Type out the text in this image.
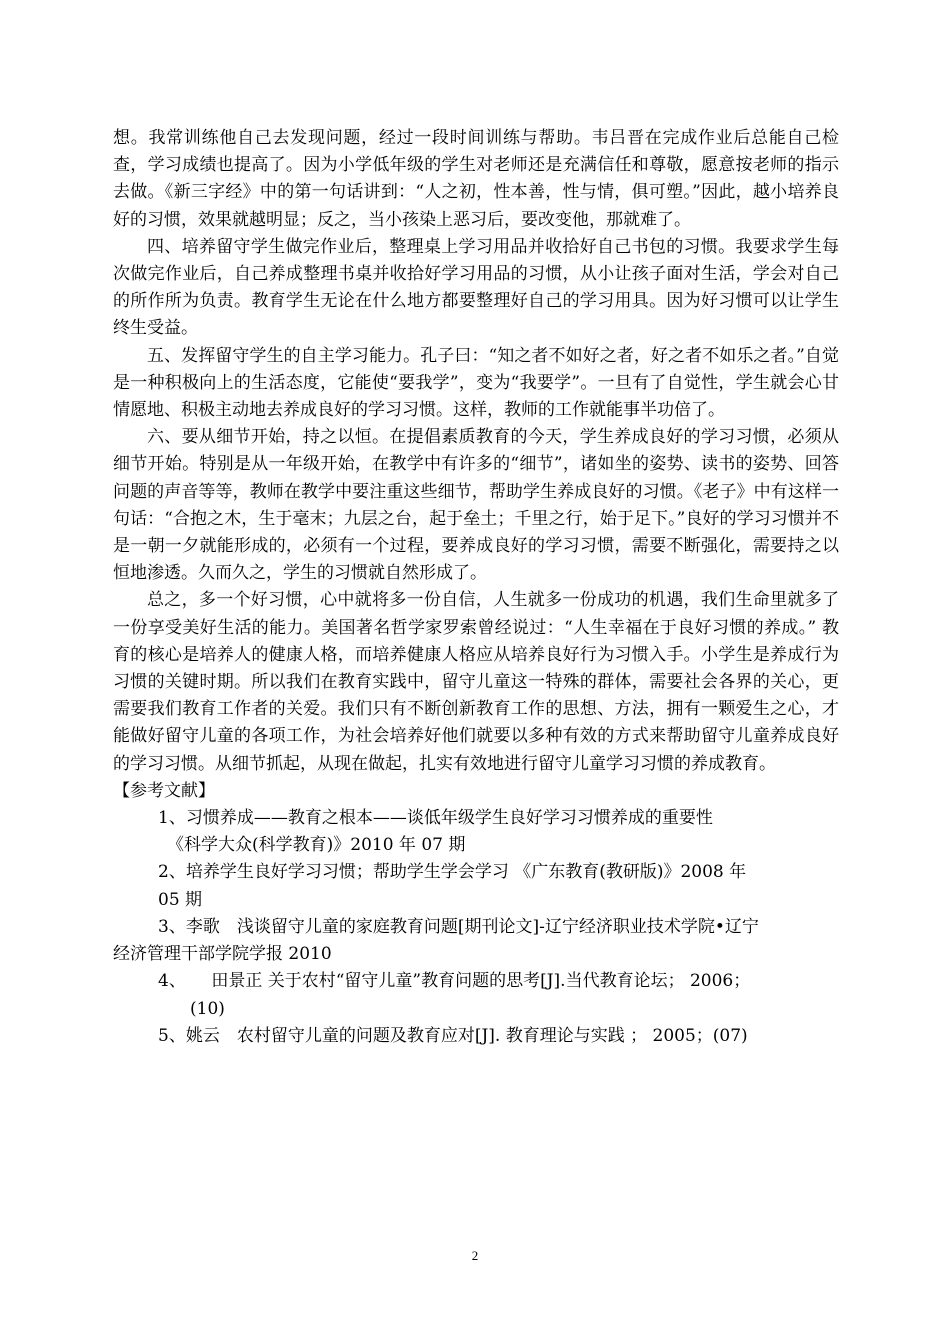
想。我常训练他自己去发现问题，经过一段时间训练与帮助。韦吕晋在完成作业后总能自己检查，学习成绩也提高了。因为小学低年级的学生对老师还是充满信任和尊敬，愿意按老师的指示去做。《新三字经》中的第一句话讲到：“人之初，性本善，性与情，俱可塑。”因此，越小培养良好的习惯，效果就越明显；反之，当小孩染上恶习后，要改变他，那就难了。

四、培养留守学生做完作业后，整理桌上学习用品并收拾好自己书包的习惯。我要求学生每次做完作业后，自己养成整理书桌并收拾好学习用品的习惯，从小让孩子面对生活，学会对自己的所作所为负责。教育学生无论在什么地方都要整理好自己的学习用具。因为好习惯可以让学生终生受益。

五、发挥留守学生的自主学习能力。孔子曰：“知之者不如好之者，好之者不如乐之者。”自觉是一种积极向上的生活态度，它能使“要我学”，变为“我要学”。一旦有了自觉性，学生就会心甘情愿地、积极主动地去养成良好的学习习惯。这样，教师的工作就能事半功倍了。

六、要从细节开始，持之以恒。在提倡素质教育的今天，学生养成良好的学习习惯，必须从细节开始。特别是从一年级开始，在教学中有许多的“细节”，诸如坐的姿势、读书的姿势、回答问题的声音等等，教师在教学中要注重这些细节，帮助学生养成良好的习惯。《老子》中有这样一句话：“合抱之木，生于毫末；九层之台，起于垒土；千里之行，始于足下。”良好的学习习惯并不是一朝一夕就能形成的，必须有一个过程，要养成良好的学习习惯，需要不断强化，需要持之以恒地渗透。久而久之，学生的习惯就自然形成了。

总之，多一个好习惯，心中就将多一份自信，人生就多一份成功的机遇，我们生命里就多了一份享受美好生活的能力。美国著名哲学家罗索曾经说过：“人生幸福在于良好习惯的养成。” 教育的核心是培养人的健康人格，而培养健康人格应从培养良好行为习惯入手。小学生是养成行为习惯的关键时期。所以我们在教育实践中，留守儿童这一特殊的群体，需要社会各界的关心，更需要我们教育工作者的关爱。我们只有不断创新教育工作的思想、方法，拥有一颗爱生之心，才能做好留守儿童的各项工作，为社会培养好他们就要以多种有效的方式来帮助留守儿童养成良好的学习习惯。从细节抓起，从现在做起，扎实有效地进行留守儿童学习习惯的养成教育。

【参考文献】
1、习惯养成——教育之根本——谈低年级学生良好学习习惯养成的重要性
《科学大众(科学教育)》2010 年 07 期
2、培养学生良好学习习惯；帮助学生学会学习 《广东教育(教研版)》2008 年
05 期
3、李歌　浅谈留守儿童的家庭教育问题[期刊论文]-辽宁经济职业技术学院•辽宁
经济管理干部学院学报 2010
4、　　田景正 关于农村“留守儿童”教育问题的思考[J].当代教育论坛； 2006；
(10)
5、姚云　农村留守儿童的问题及教育应对[J]. 教育理论与实践 ； 2005；(07)
2
